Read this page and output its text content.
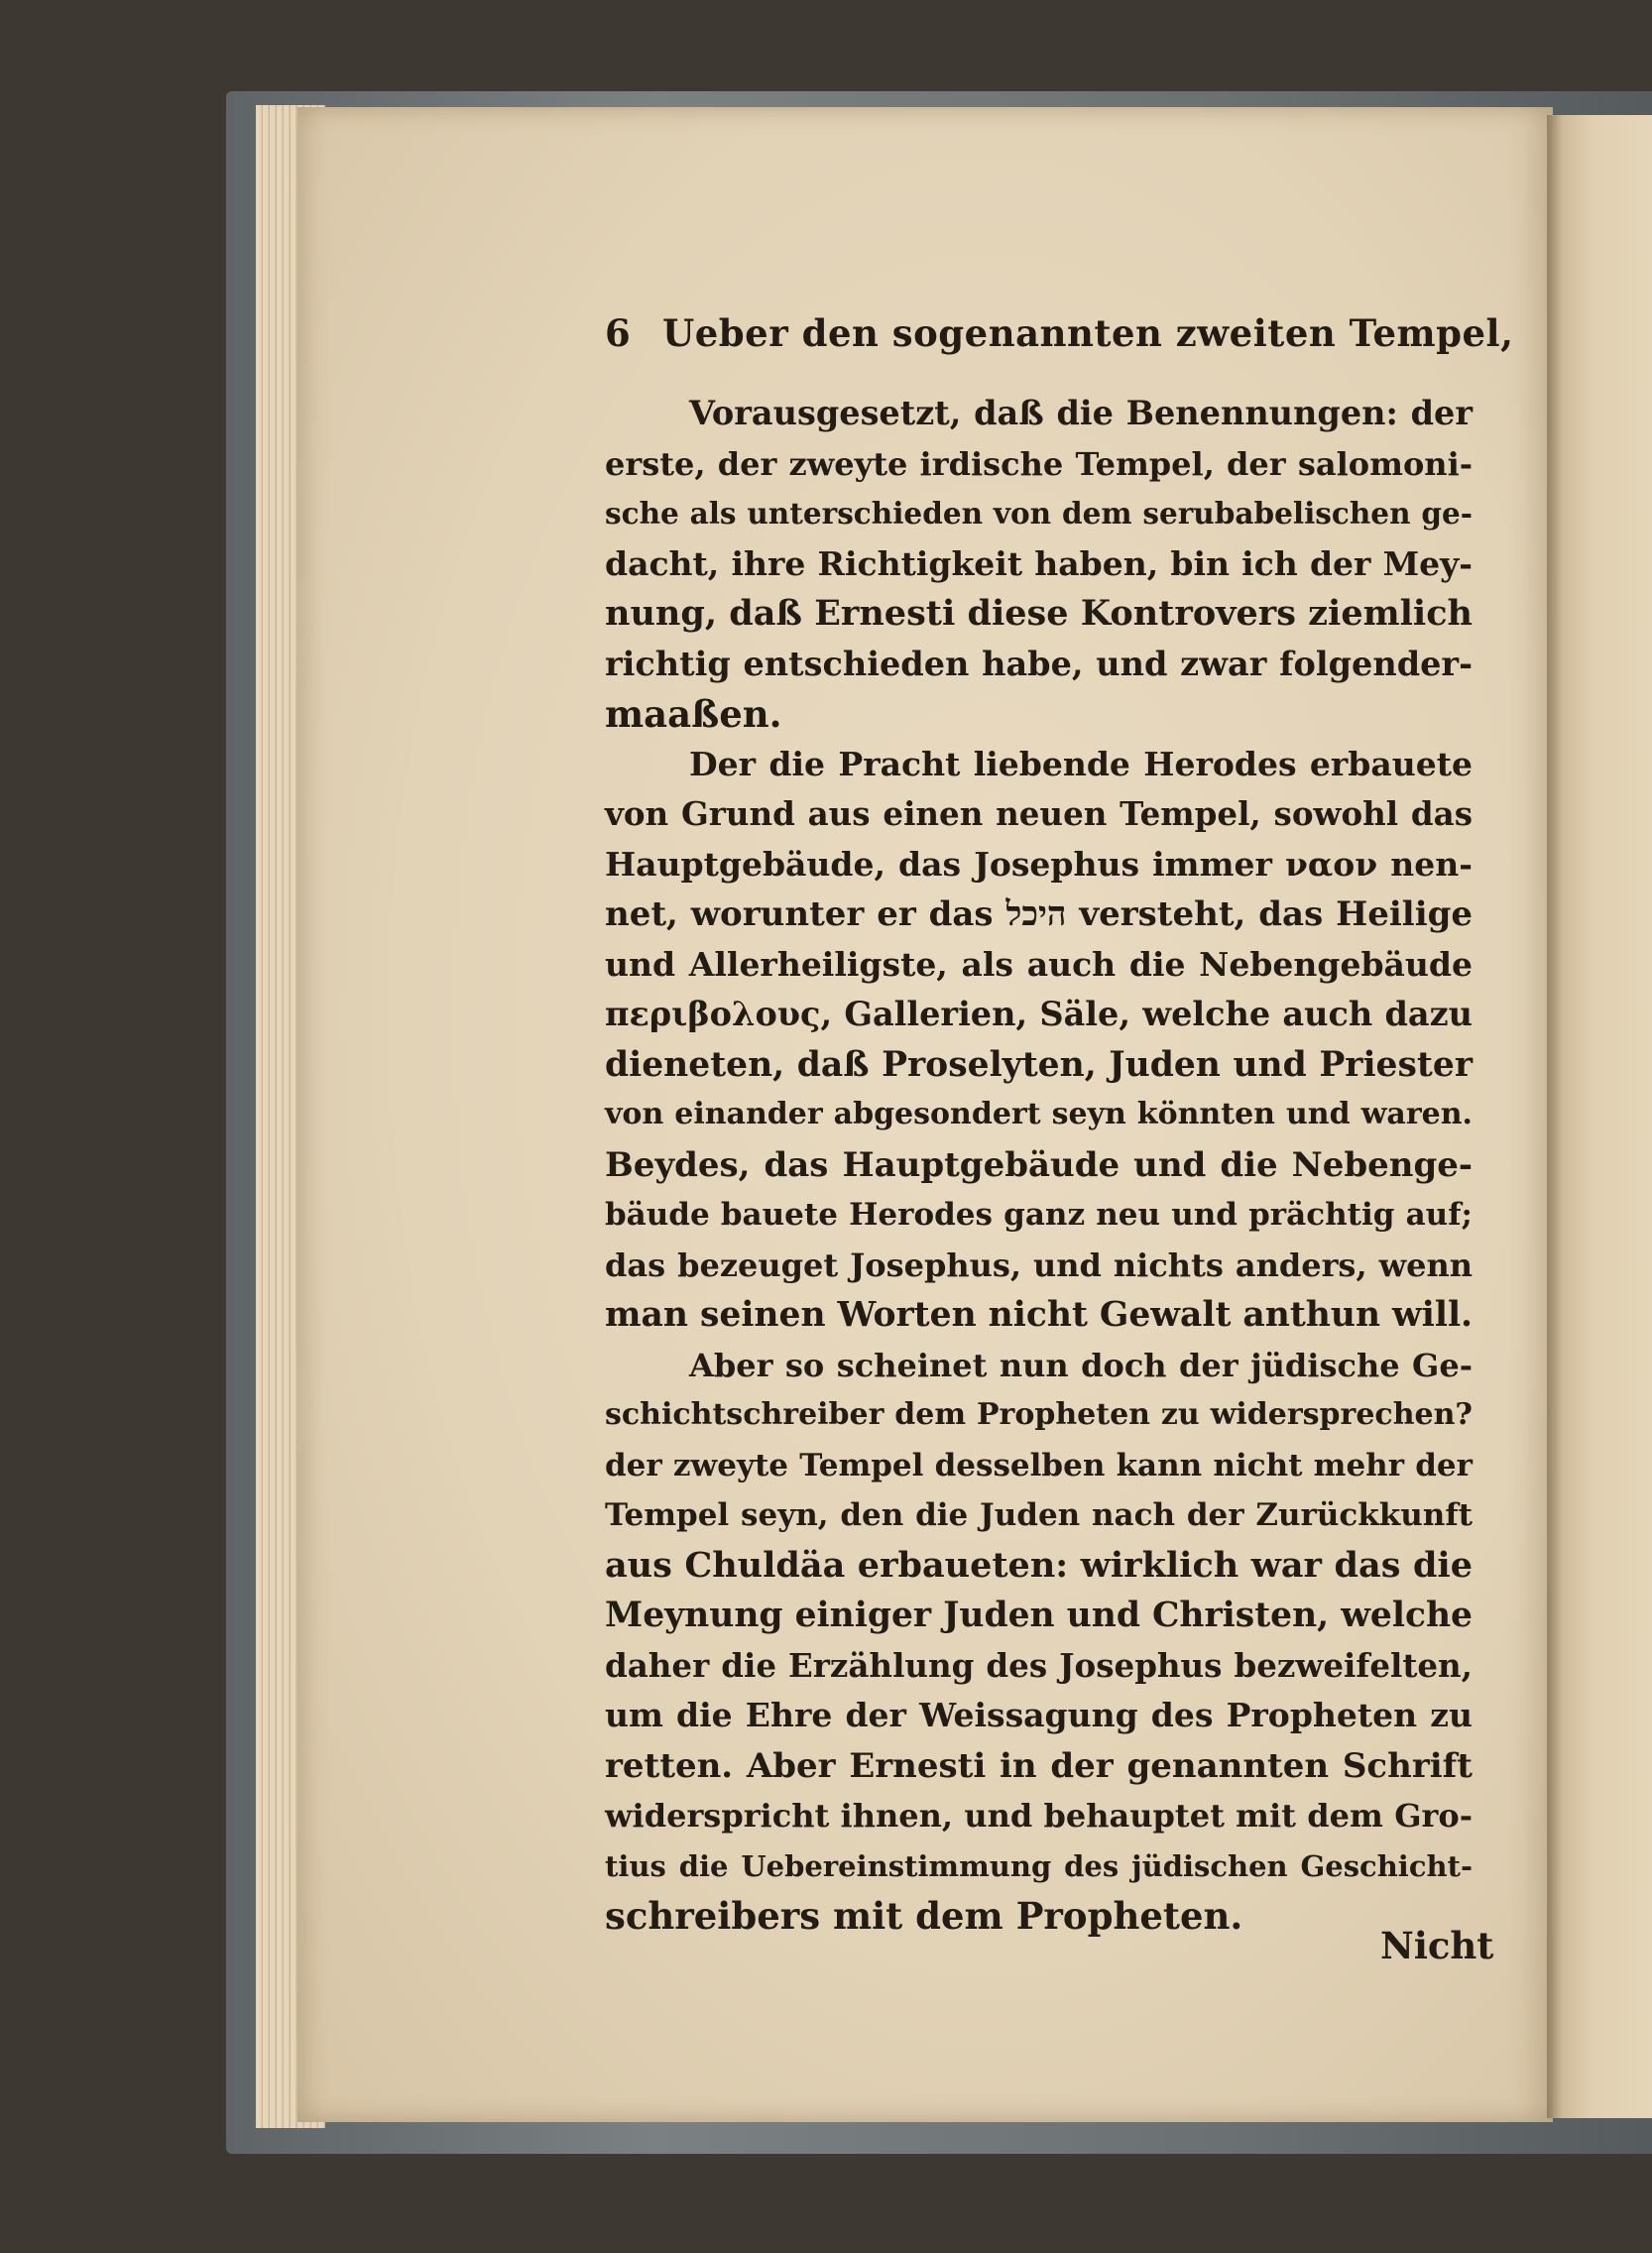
6 Ueber den sogenannten zweiten Tempel,
Vorausgesetzt, daß die Benennungen: der
erste, der zweyte irdische Tempel, der salomoni-
sche als unterschieden von dem serubabelischen ge-
dacht, ihre Richtigkeit haben, bin ich der Mey-
nung, daß Ernesti diese Kontrovers ziemlich
richtig entschieden habe, und zwar folgender-
maaßen.
Der die Pracht liebende Herodes erbauete
von Grund aus einen neuen Tempel, sowohl das
Hauptgebäude, das Josephus immer ναον nen-
net, worunter er das היכל versteht, das Heilige
und Allerheiligste, als auch die Nebengebäude
περιβολους, Gallerien, Säle, welche auch dazu
dieneten, daß Proselyten, Juden und Priester
von einander abgesondert seyn könnten und waren.
Beydes, das Hauptgebäude und die Nebenge-
bäude bauete Herodes ganz neu und prächtig auf;
das bezeuget Josephus, und nichts anders, wenn
man seinen Worten nicht Gewalt anthun will.
Aber so scheinet nun doch der jüdische Ge-
schichtschreiber dem Propheten zu widersprechen?
der zweyte Tempel desselben kann nicht mehr der
Tempel seyn, den die Juden nach der Zurückkunft
aus Chuldäa erbaueten: wirklich war das die
Meynung einiger Juden und Christen, welche
daher die Erzählung des Josephus bezweifelten,
um die Ehre der Weissagung des Propheten zu
retten. Aber Ernesti in der genannten Schrift
widerspricht ihnen, und behauptet mit dem Gro-
tius die Uebereinstimmung des jüdischen Geschicht-
schreibers mit dem Propheten.
Nicht
